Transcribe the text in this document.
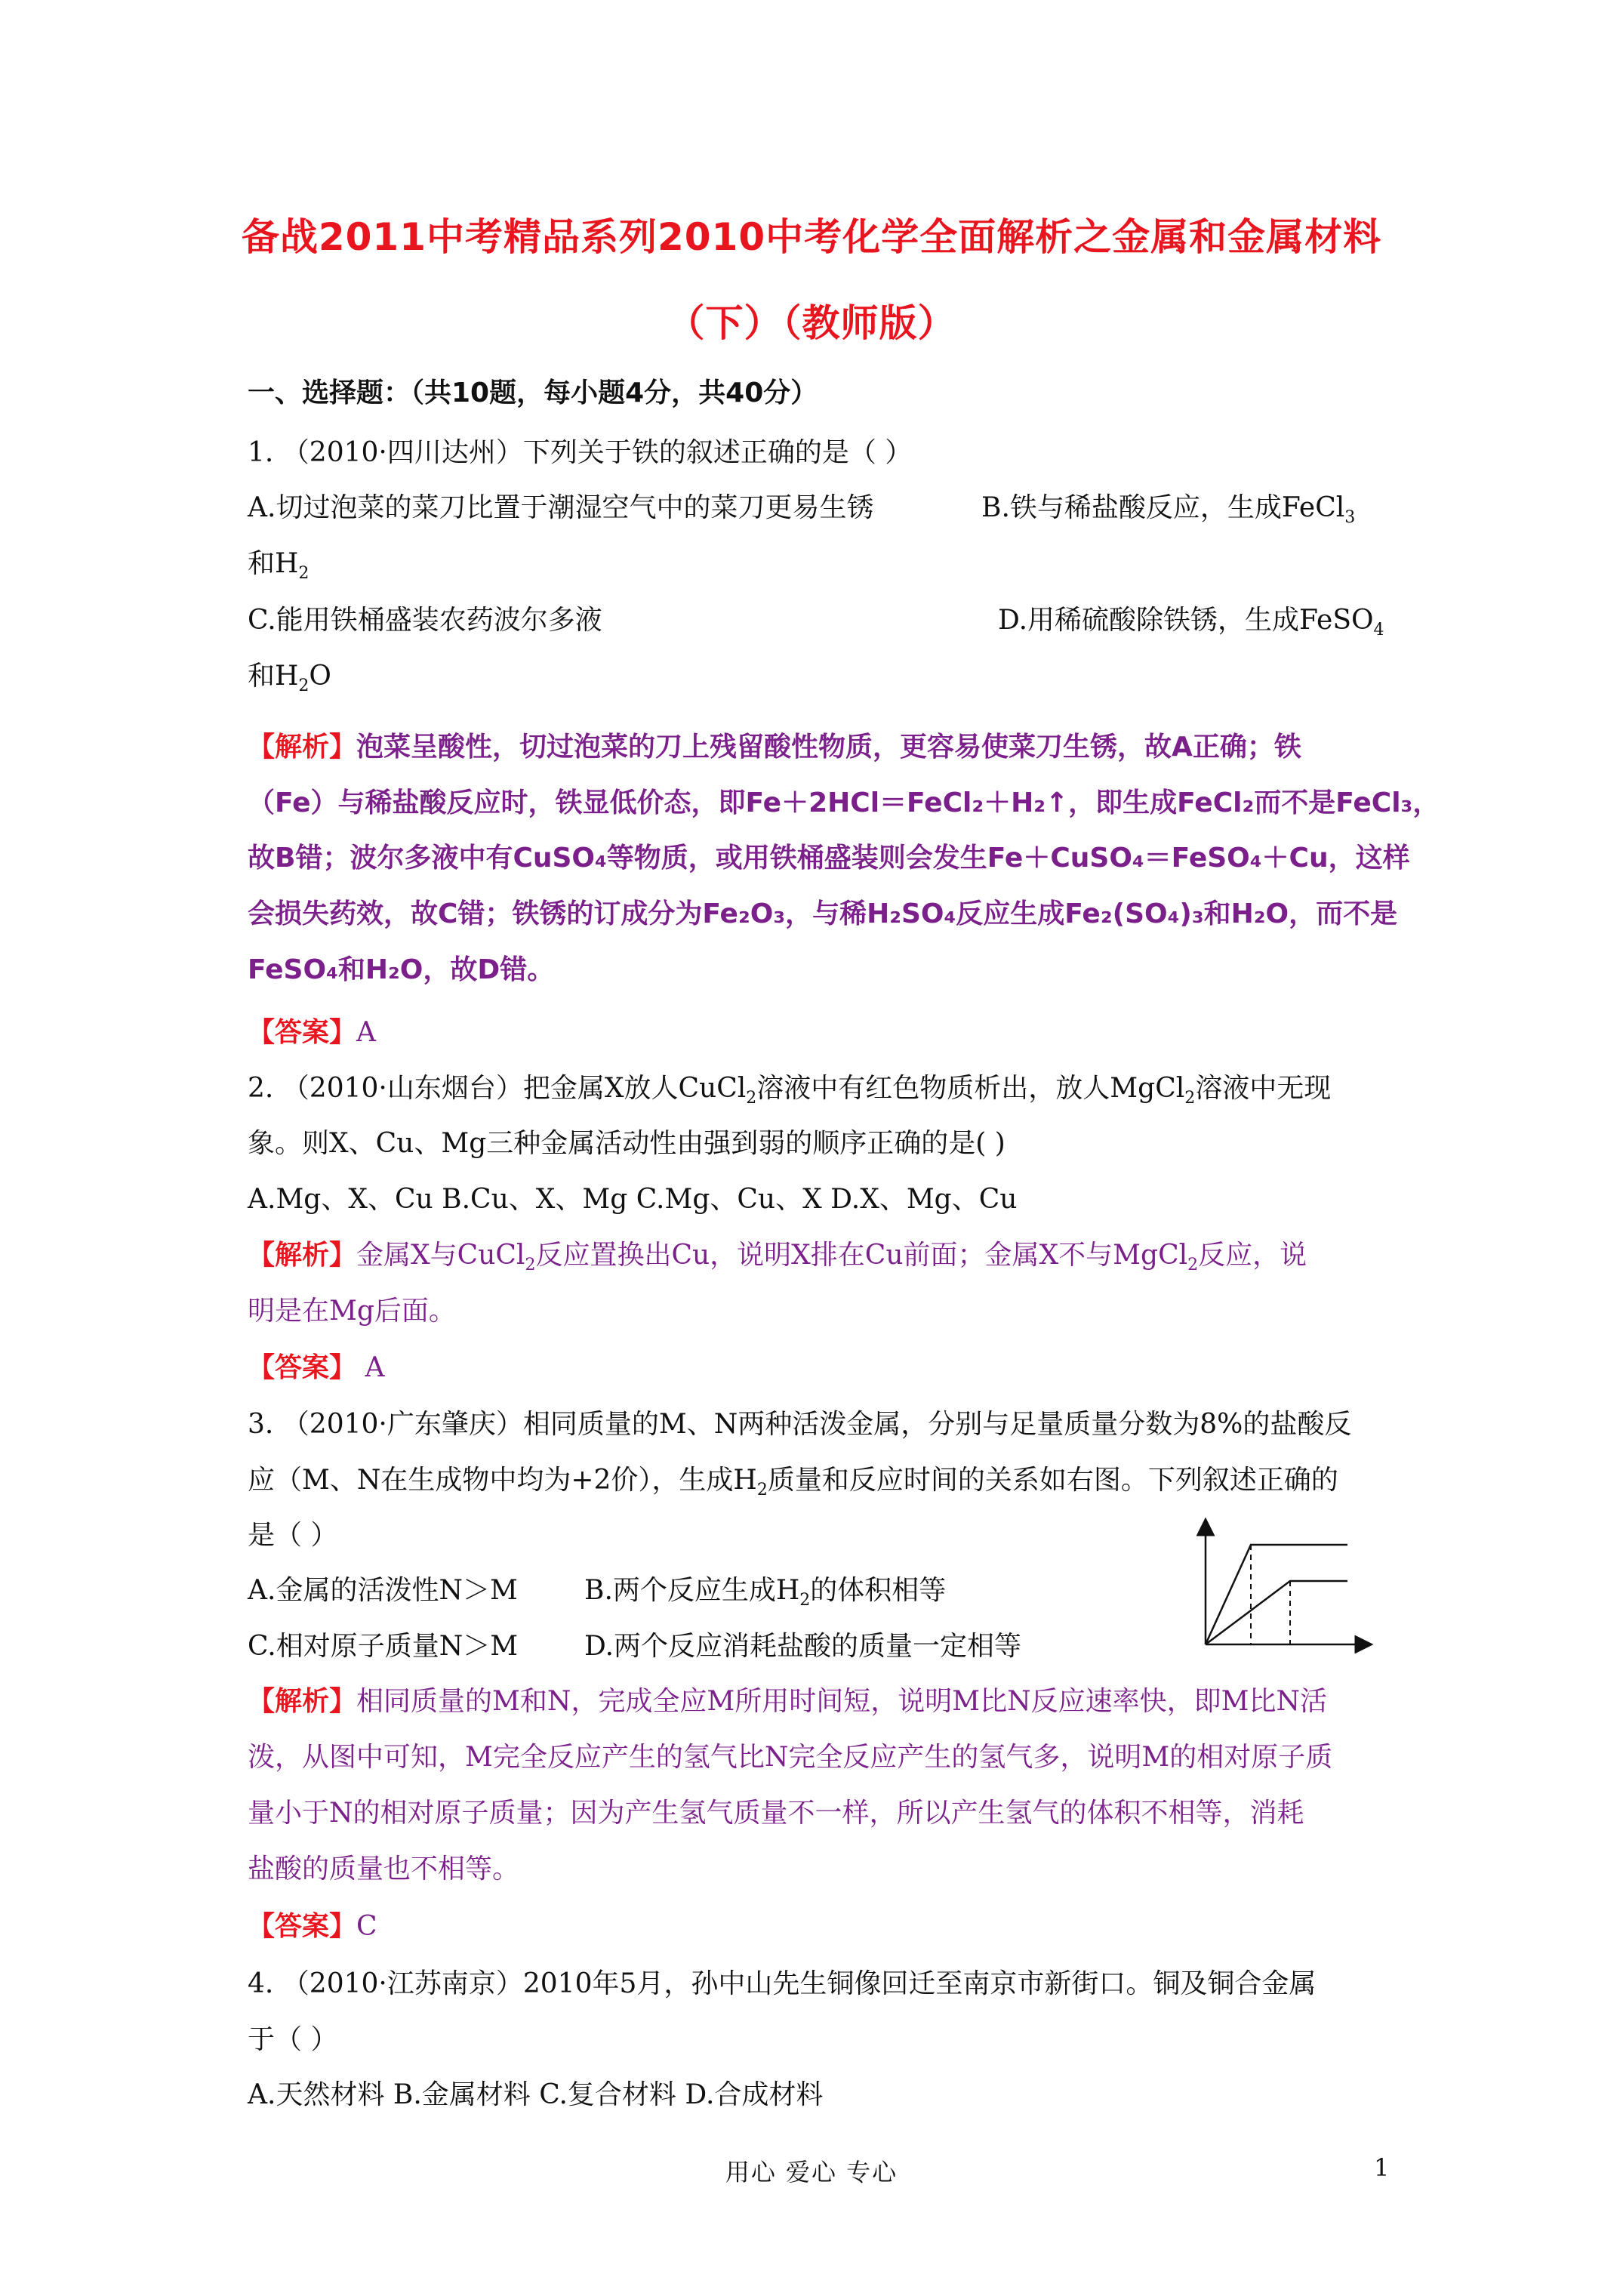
备战2011中考精品系列2010中考化学全面解析之金属和金属材料
（下）（教师版）
一、选择题：（共10题，每小题4分，共40分）
1. （2010·四川达州）下列关于铁的叙述正确的是（ ）
A.切过泡菜的菜刀比置于潮湿空气中的菜刀更易生锈	B.铁与稀盐酸反应，生成FeCl$_3$
和$H_2$
C.能用铁桶盛装农药波尔多液	D.用稀硫酸除铁锈，生成FeSO$_4$
和$H_2O$
【解析】泡菜呈酸性，切过泡菜的刀上残留酸性物质，更容易使菜刀生锈，故A正确；铁
（Fe）与稀盐酸反应时，铁显低价态，即Fe＋2HCl＝FeCl₂＋H₂↑，即生成FeCl₂而不是FeCl₃，
故B错；波尔多液中有CuSO₄等物质，或用铁桶盛装则会发生Fe＋CuSO₄＝FeSO₄＋Cu，这样
会损失药效，故C错；铁锈的订成分为Fe₂O₃，与稀H₂SO₄反应生成Fe₂(SO₄)₃和H₂O，而不是
FeSO₄和H₂O，故D错。
【答案】A
2. （2010·山东烟台）把金属X放人CuCl$_2$溶液中有红色物质析出，放人MgCl$_2$溶液中无现
象。则X、Cu、Mg三种金属活动性由强到弱的顺序正确的是( )
A.Mg、X、Cu B.Cu、X、Mg C.Mg、Cu、X D.X、Mg、Cu
【解析】金属X与CuCl$_2$反应置换出Cu，说明X排在Cu前面；金属X不与MgCl$_2$反应，说
明是在Mg后面。
【答案】 A
3. （2010·广东肇庆）相同质量的M、N两种活泼金属，分别与足量质量分数为8%的盐酸反
应（M、N在生成物中均为+2价），生成$H_2$质量和反应时间的关系如右图。下列叙述正确的
是（ ）
A.金属的活泼性N＞M B.两个反应生成$H_2$的体积相等
C.相对原子质量N＞M D.两个反应消耗盐酸的质量一定相等
【解析】相同质量的M和N，完成全应M所用时间短，说明M比N反应速率快，即M比N活
泼，从图中可知，M完全反应产生的氢气比N完全反应产生的氢气多，说明M的相对原子质
量小于N的相对原子质量；因为产生氢气质量不一样，所以产生氢气的体积不相等，消耗
盐酸的质量也不相等。
【答案】C
4. （2010·江苏南京）2010年5月，孙中山先生铜像回迁至南京市新街口。铜及铜合金属
于（ ）
A.天然材料 B.金属材料 C.复合材料 D.合成材料
用心 爱心 专心	1
